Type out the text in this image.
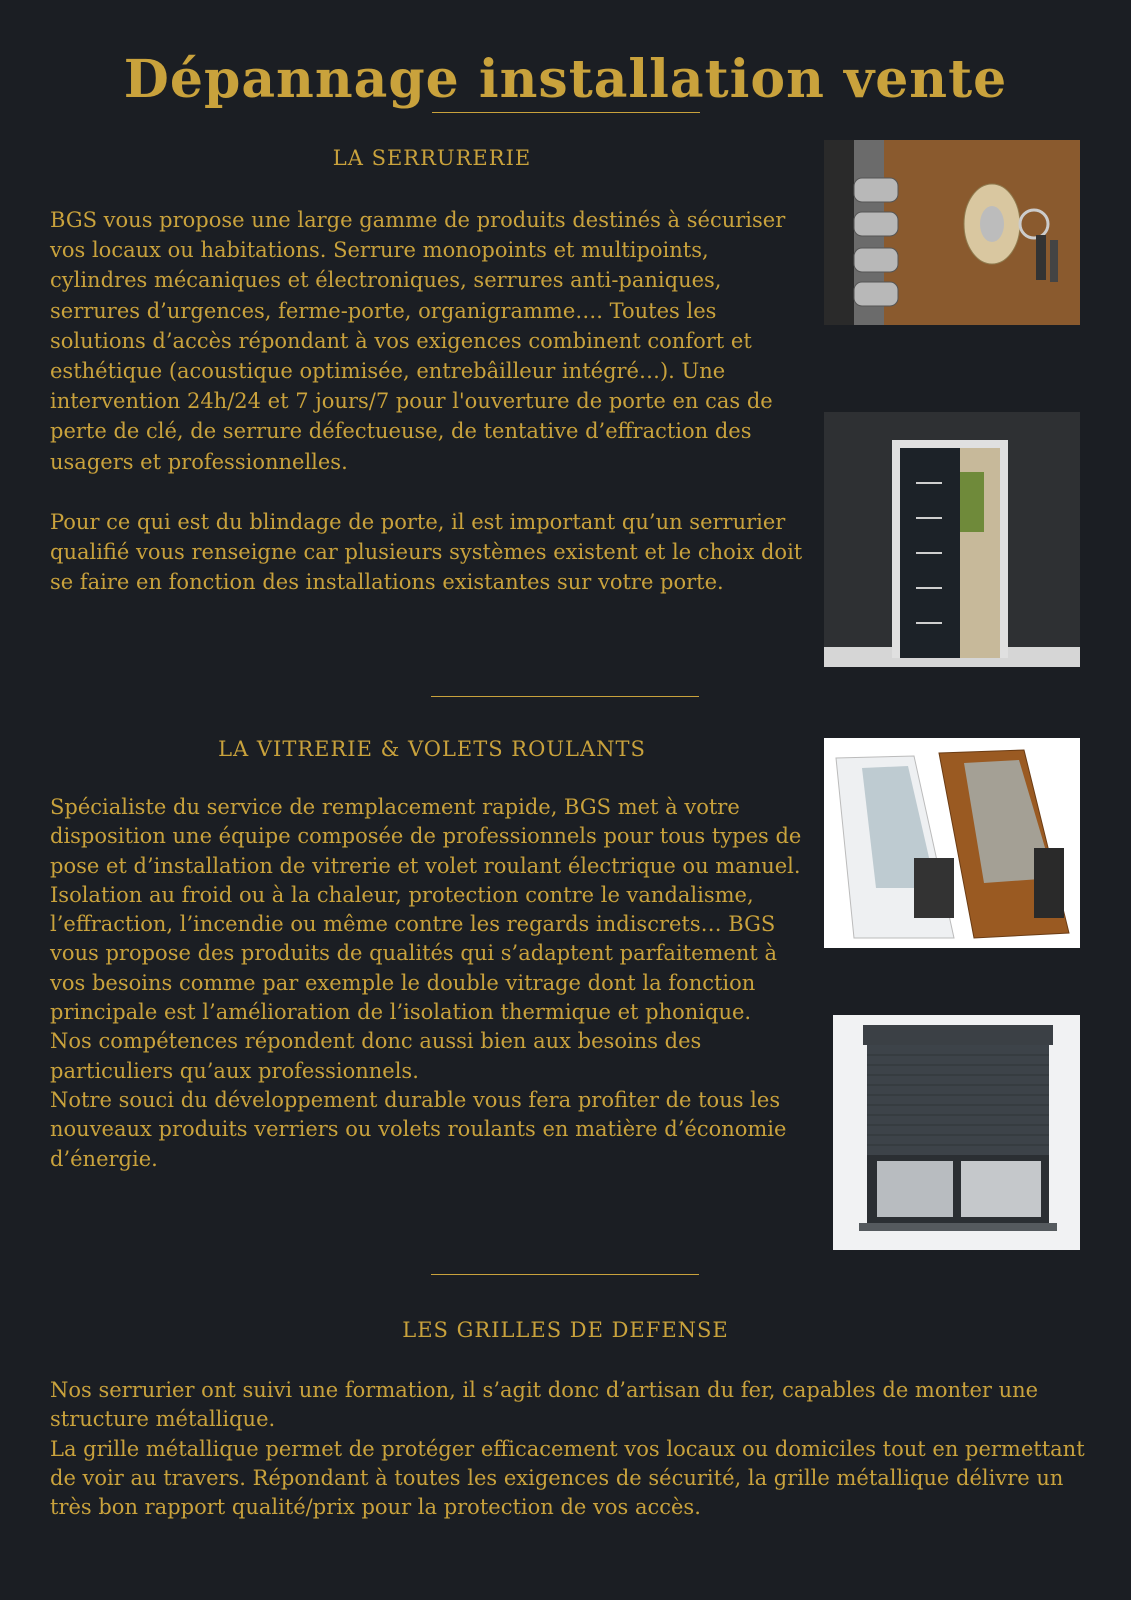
Dépannage installation vente
LA SERRURERIE

BGS vous propose une large gamme de produits destinés à sécuriser vos locaux ou habitations. Serrure monopoints et multipoints, cylindres mécaniques et électroniques, serrures anti-paniques, serrures d’urgences, ferme-porte, organigramme…. Toutes les solutions d’accès répondant à vos exigences combinent confort et esthétique (acoustique optimisée, entrebâilleur intégré…). Une intervention 24h/24 et 7 jours/7 pour l'ouverture de porte en cas de perte de clé, de serrure défectueuse, de tentative d’effraction des usagers et professionnelles.

Pour ce qui est du blindage de porte, il est important qu’un serrurier qualifié vous renseigne car plusieurs systèmes existent et le choix doit se faire en fonction des installations existantes sur votre porte.

LA VITRERIE & VOLETS ROULANTS

Spécialiste du service de remplacement rapide, BGS met à votre disposition une équipe composée de professionnels pour tous types de pose et d’installation de vitrerie et volet roulant électrique ou manuel.

Isolation au froid ou à la chaleur, protection contre le vandalisme, l’effraction, l’incendie ou même contre les regards indiscrets… BGS vous propose des produits de qualités qui s’adaptent parfaitement à vos besoins comme par exemple le double vitrage dont la fonction principale est l’amélioration de l’isolation thermique et phonique.

Nos compétences répondent donc aussi bien aux besoins des particuliers qu’aux professionnels.

Notre souci du développement durable vous fera profiter de tous les nouveaux produits verriers ou volets roulants en matière d’économie d’énergie.

LES GRILLES DE DEFENSE

Nos serrurier ont suivi une formation, il s’agit donc d’artisan du fer, capables de monter une structure métallique.

La grille métallique permet de protéger efficacement vos locaux ou domiciles tout en permettant de voir au travers. Répondant à toutes les exigences de sécurité, la grille métallique délivre un très bon rapport qualité/prix pour la protection de vos accès.
